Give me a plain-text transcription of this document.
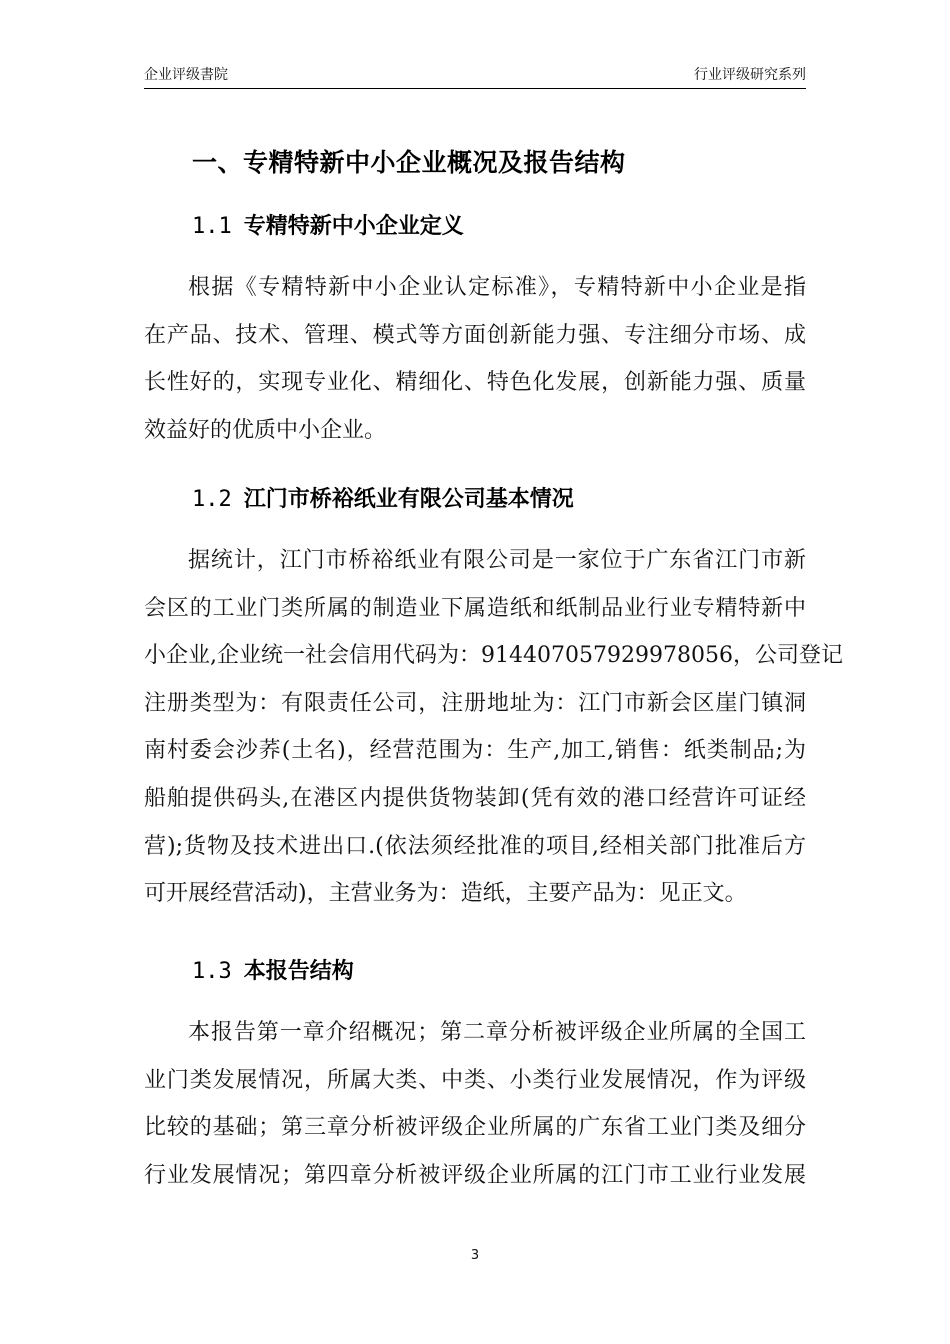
企业评级書院	行业评级研究系列
一、专精特新中小企业概况及报告结构
1.1 专精特新中小企业定义
根据《专精特新中小企业认定标准》，专精特新中小企业是指
在产品、技术、管理、模式等方面创新能力强、专注细分市场、成
长性好的，实现专业化、精细化、特色化发展，创新能力强、质量
效益好的优质中小企业。
1.2 江门市桥裕纸业有限公司基本情况
据统计，江门市桥裕纸业有限公司是一家位于广东省江门市新
会区的工业门类所属的制造业下属造纸和纸制品业行业专精特新中
小企业,企业统一社会信用代码为：914407057929978056，公司登记
注册类型为：有限责任公司，注册地址为：江门市新会区崖门镇洞
南村委会沙荞(土名)，经营范围为：生产,加工,销售：纸类制品;为
船舶提供码头,在港区内提供货物装卸(凭有效的港口经营许可证经
营);货物及技术进出口.(依法须经批准的项目,经相关部门批准后方
可开展经营活动)，主营业务为：造纸，主要产品为：见正文。
1.3 本报告结构
本报告第一章介绍概况；第二章分析被评级企业所属的全国工
业门类发展情况，所属大类、中类、小类行业发展情况，作为评级
比较的基础；第三章分析被评级企业所属的广东省工业门类及细分
行业发展情况；第四章分析被评级企业所属的江门市工业行业发展
3
